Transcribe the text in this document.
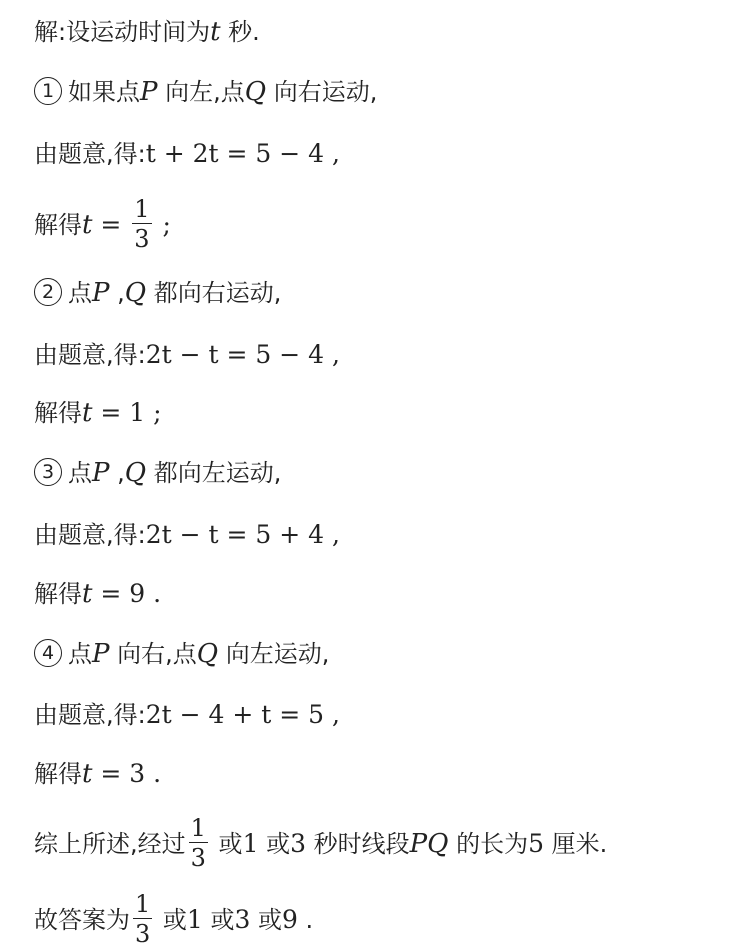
解:设运动时间为t 秒.
1 如果点P 向左,点Q 向右运动,
由题意,得:t + 2t = 5 − 4 ,
解得$t = \frac{1}{3}$ ;
2 点P ,Q 都向右运动,
由题意,得:2t − t = 5 − 4 ,
解得t = 1 ;
3 点P ,Q 都向左运动,
由题意,得:2t − t = 5 + 4 ,
解得t = 9 .
4 点P 向右,点Q 向左运动,
由题意,得:2t − 4 + t = 5 ,
解得t = 3 .
综上所述,经过 $\frac{1}{3}$ 或1 或3 秒时线段PQ 的长为5 厘米.
故答案为 $\frac{1}{3}$ 或1 或3 或9 .
